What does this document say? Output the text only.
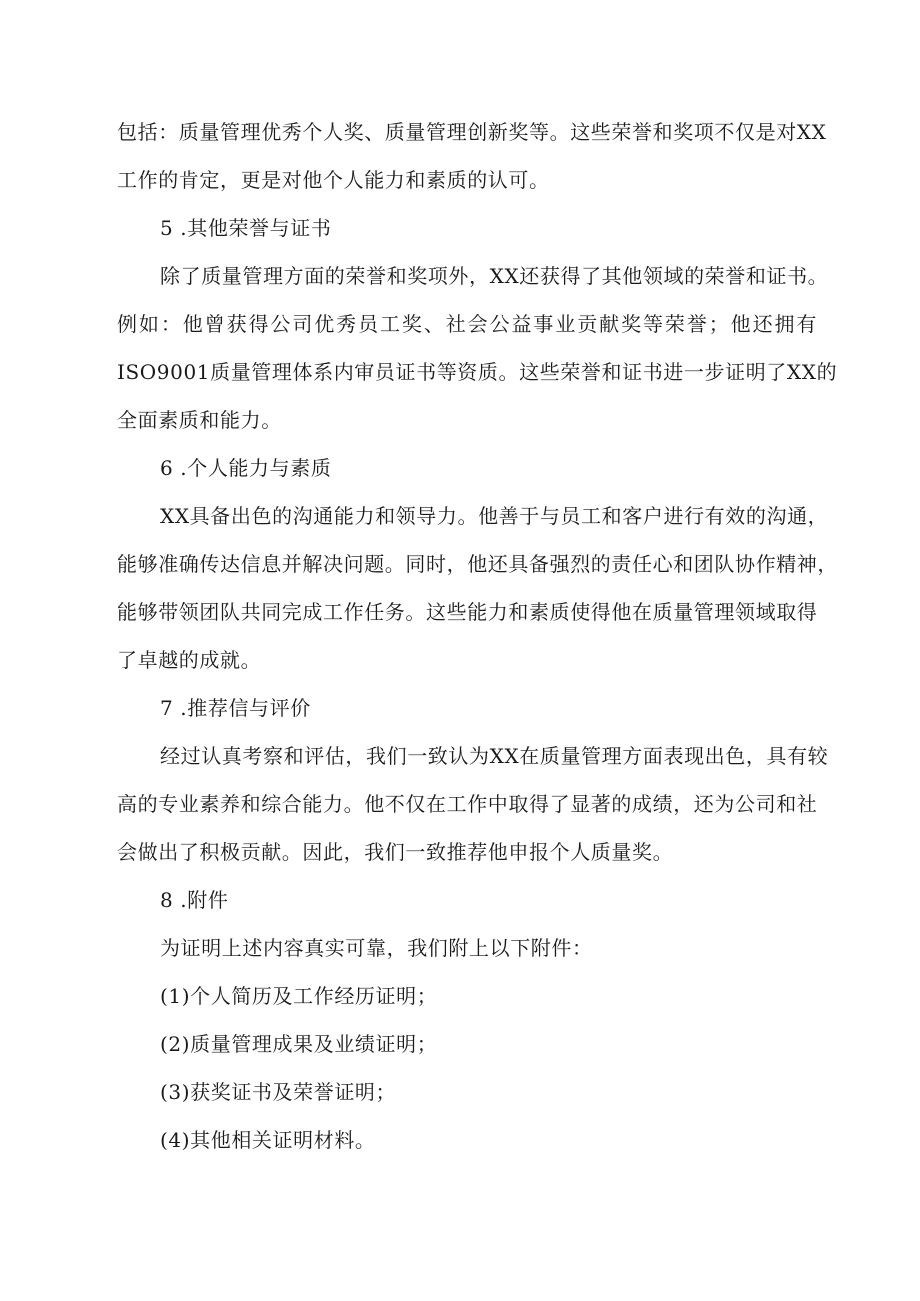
包括：质量管理优秀个人奖、质量管理创新奖等。这些荣誉和奖项不仅是对XX
工作的肯定，更是对他个人能力和素质的认可。
5 .其他荣誉与证书
除了质量管理方面的荣誉和奖项外，XX还获得了其他领域的荣誉和证书。
例如：他曾获得公司优秀员工奖、社会公益事业贡献奖等荣誉；他还拥有
ISO9001质量管理体系内审员证书等资质。这些荣誉和证书进一步证明了XX的
全面素质和能力。
6 .个人能力与素质
XX具备出色的沟通能力和领导力。他善于与员工和客户进行有效的沟通，
能够准确传达信息并解决问题。同时，他还具备强烈的责任心和团队协作精神，
能够带领团队共同完成工作任务。这些能力和素质使得他在质量管理领域取得
了卓越的成就。
7 .推荐信与评价
经过认真考察和评估，我们一致认为XX在质量管理方面表现出色，具有较
高的专业素养和综合能力。他不仅在工作中取得了显著的成绩，还为公司和社
会做出了积极贡献。因此，我们一致推荐他申报个人质量奖。
8 .附件
为证明上述内容真实可靠，我们附上以下附件：
(1)个人简历及工作经历证明；
(2)质量管理成果及业绩证明；
(3)获奖证书及荣誉证明；
(4)其他相关证明材料。
